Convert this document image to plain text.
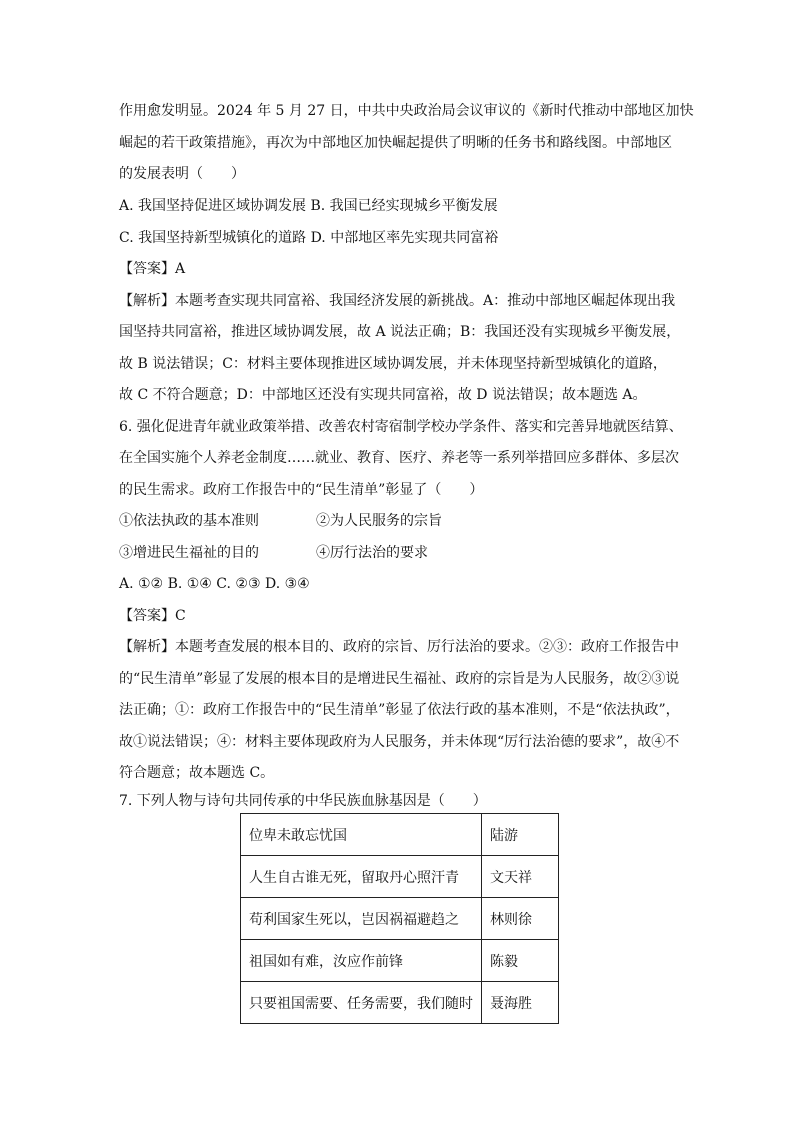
作用愈发明显。2024 年 5 月 27 日，中共中央政治局会议审议的《新时代推动中部地区加快
崛起的若干政策措施》，再次为中部地区加快崛起提供了明晰的任务书和路线图。中部地区
的发展表明（　　）
A. 我国坚持促进区域协调发展 B. 我国已经实现城乡平衡发展
C. 我国坚持新型城镇化的道路 D. 中部地区率先实现共同富裕
【答案】A
【解析】本题考查实现共同富裕、我国经济发展的新挑战。A：推动中部地区崛起体现出我
国坚持共同富裕，推进区域协调发展，故 A 说法正确；B：我国还没有实现城乡平衡发展，
故 B 说法错误；C：材料主要体现推进区域协调发展，并未体现坚持新型城镇化的道路，
故 C 不符合题意；D：中部地区还没有实现共同富裕，故 D 说法错误；故本题选 A。
6. 强化促进青年就业政策举措、改善农村寄宿制学校办学条件、落实和完善异地就医结算、
在全国实施个人养老金制度……就业、教育、医疗、养老等一系列举措回应多群体、多层次
的民生需求。政府工作报告中的“民生清单”彰显了（　　）
①依法执政的基本准则	②为人民服务的宗旨
③增进民生福祉的目的	④厉行法治的要求
A. ①② B. ①④ C. ②③ D. ③④
【答案】C
【解析】本题考查发展的根本目的、政府的宗旨、厉行法治的要求。②③：政府工作报告中
的“民生清单”彰显了发展的根本目的是增进民生福祉、政府的宗旨是为人民服务，故②③说
法正确；①：政府工作报告中的“民生清单”彰显了依法行政的基本准则，不是“依法执政”，
故①说法错误；④：材料主要体现政府为人民服务，并未体现“厉行法治德的要求”，故④不
符合题意；故本题选 C。
7. 下列人物与诗句共同传承的中华民族血脉基因是（　　）
位卑未敢忘忧国	陆游
人生自古谁无死，留取丹心照汗青	文天祥
苟利国家生死以，岂因祸福避趋之	林则徐
祖国如有难，汝应作前锋	陈毅
只要祖国需要、任务需要，我们随时	聂海胜
